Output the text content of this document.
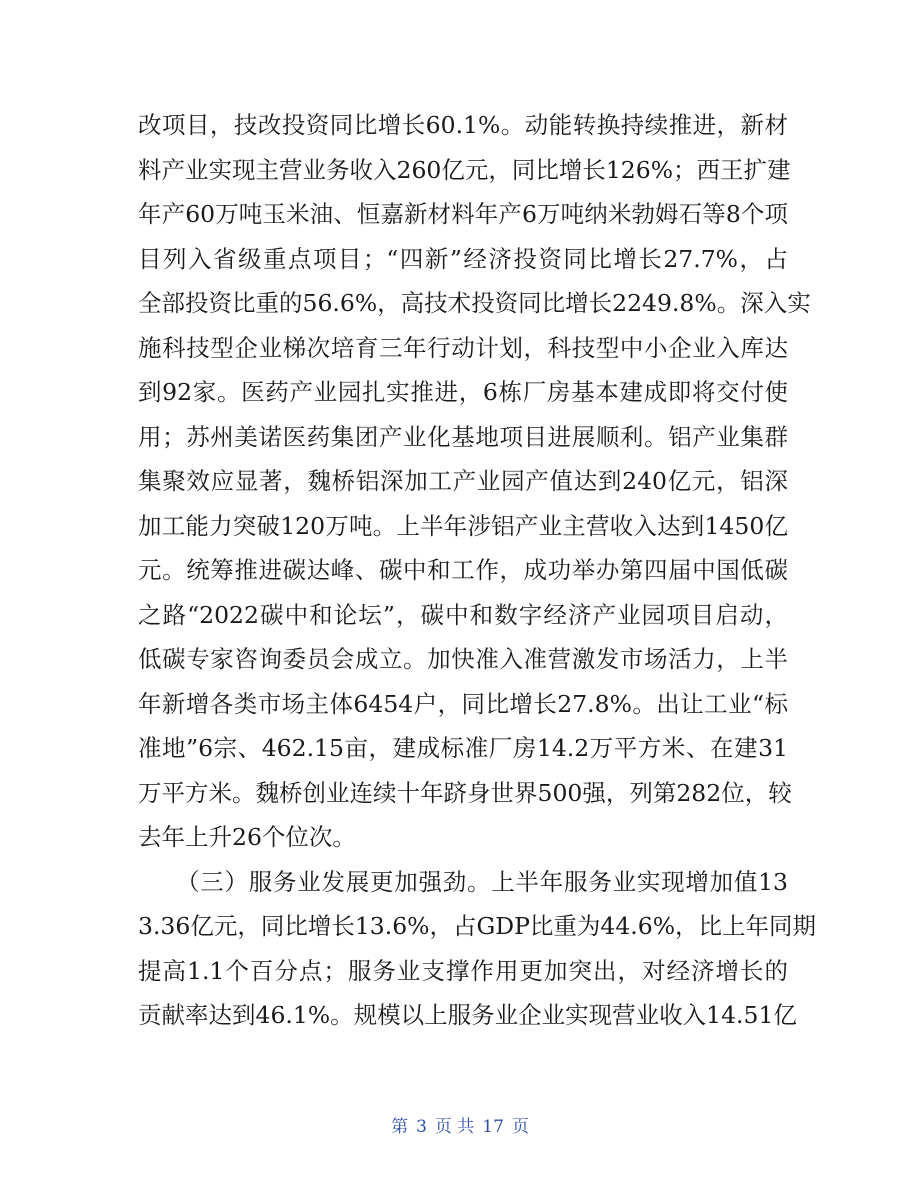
改项目，技改投资同比增长60.1%。动能转换持续推进，新材
料产业实现主营业务收入260亿元，同比增长126%；西王扩建
年产60万吨玉米油、恒嘉新材料年产6万吨纳米勃姆石等8个项
目列入省级重点项目；“四新”经济投资同比增长27.7%，占
全部投资比重的56.6%，高技术投资同比增长2249.8%。深入实
施科技型企业梯次培育三年行动计划，科技型中小企业入库达
到92家。医药产业园扎实推进，6栋厂房基本建成即将交付使
用；苏州美诺医药集团产业化基地项目进展顺利。铝产业集群
集聚效应显著，魏桥铝深加工产业园产值达到240亿元，铝深
加工能力突破120万吨。上半年涉铝产业主营收入达到1450亿
元。统筹推进碳达峰、碳中和工作，成功举办第四届中国低碳
之路“2022碳中和论坛”，碳中和数字经济产业园项目启动，
低碳专家咨询委员会成立。加快准入准营激发市场活力，上半
年新增各类市场主体6454户，同比增长27.8%。出让工业“标
准地”6宗、462.15亩，建成标准厂房14.2万平方米、在建31
万平方米。魏桥创业连续十年跻身世界500强，列第282位，较
去年上升26个位次。
（三）服务业发展更加强劲。上半年服务业实现增加值13
3.36亿元，同比增长13.6%，占GDP比重为44.6%，比上年同期
提高1.1个百分点；服务业支撑作用更加突出，对经济增长的
贡献率达到46.1%。规模以上服务业企业实现营业收入14.51亿
第 3 页 共 17 页
